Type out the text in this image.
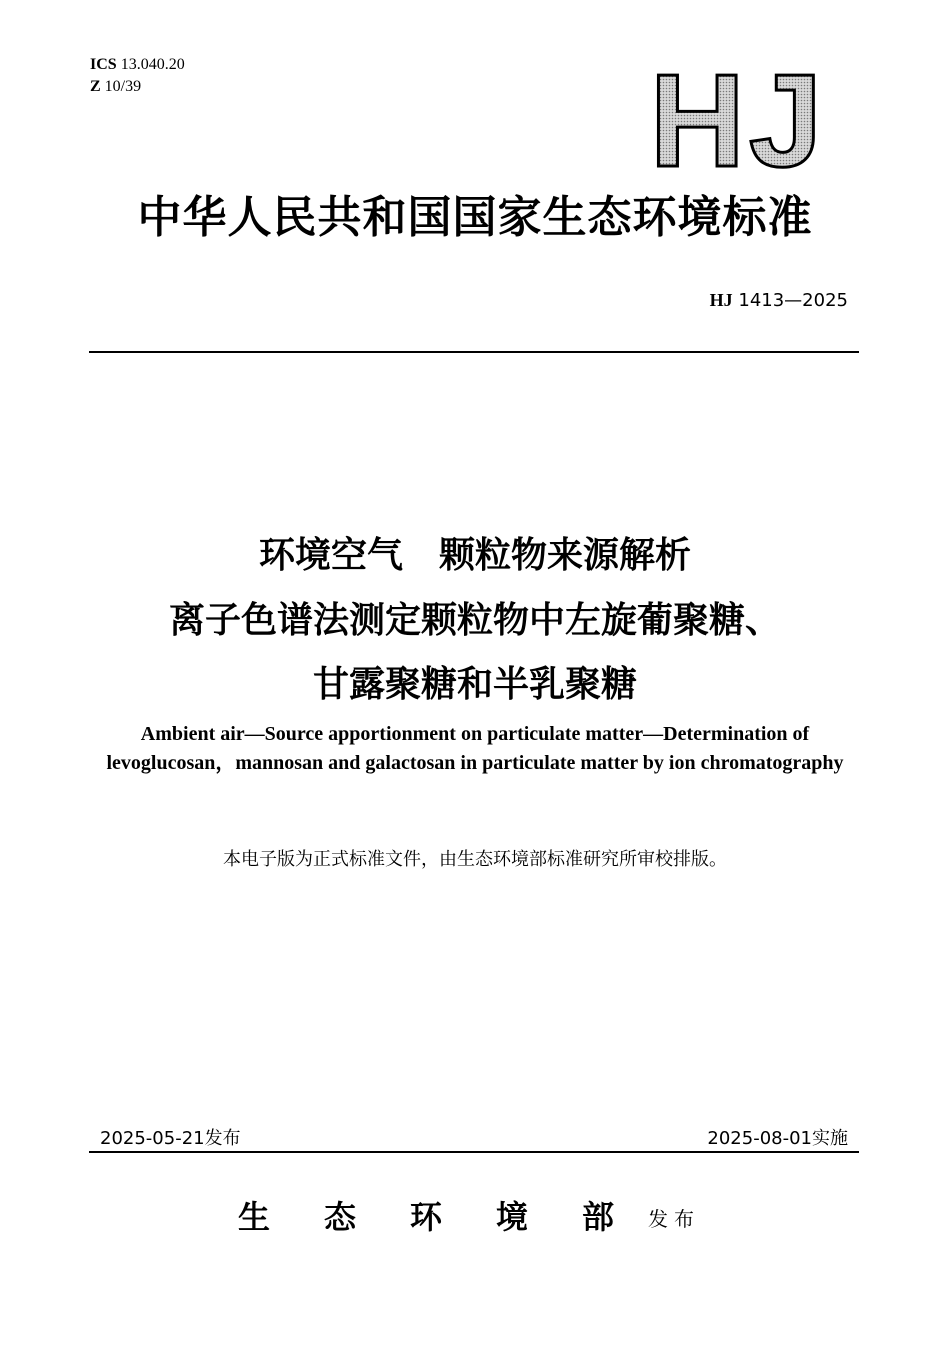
ICS 13.040.20
Z 10/39	HJ
中华人民共和国国家生态环境标准
HJ 1413—2025
环境空气　颗粒物来源解析
离子色谱法测定颗粒物中左旋葡聚糖、
甘露聚糖和半乳聚糖
Ambient air—Source apportionment on particulate matter—Determination of levoglucosan，mannosan and galactosan in particulate matter by ion chromatography
本电子版为正式标准文件，由生态环境部标准研究所审校排版。
2025-05-21发布	2025-08-01实施
生 态 环 境 部	发布
